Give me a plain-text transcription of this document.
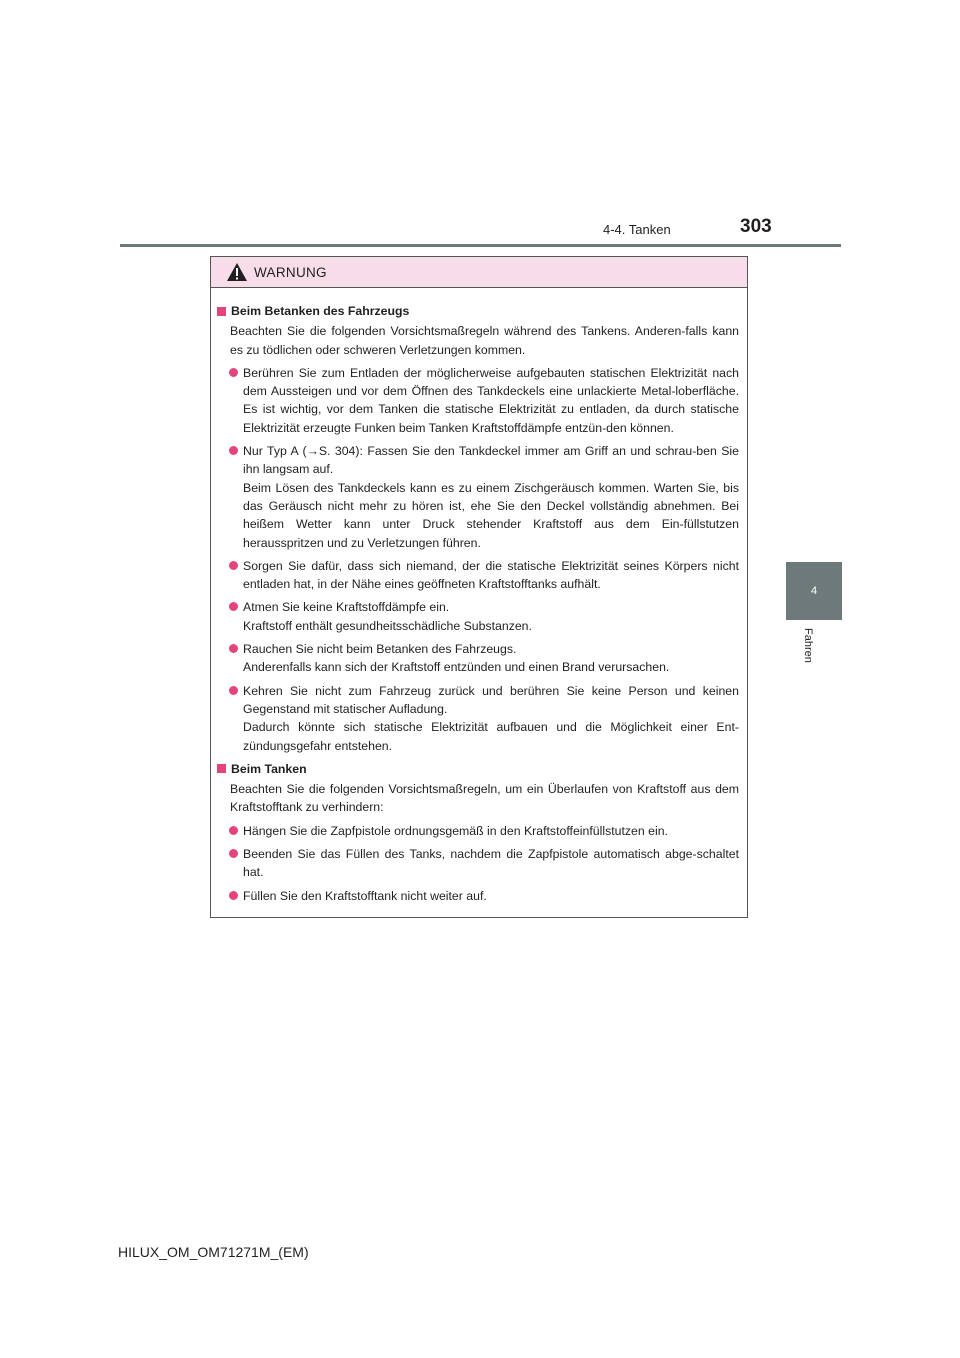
4-4. Tanken	303
4
Fahren
WARNUNG
Beim Betanken des Fahrzeugs
Beachten Sie die folgenden Vorsichtsmaßregeln während des Tankens. Anderen-falls kann es zu tödlichen oder schweren Verletzungen kommen.

Berühren Sie zum Entladen der möglicherweise aufgebauten statischen Elektrizität nach dem Aussteigen und vor dem Öffnen des Tankdeckels eine unlackierte Metal-loberfläche. Es ist wichtig, vor dem Tanken die statische Elektrizität zu entladen, da durch statische Elektrizität erzeugte Funken beim Tanken Kraftstoffdämpfe entzün-den können.

Nur Typ A (→S. 304): Fassen Sie den Tankdeckel immer am Griff an und schrau-ben Sie ihn langsam auf.

Beim Lösen des Tankdeckels kann es zu einem Zischgeräusch kommen. Warten Sie, bis das Geräusch nicht mehr zu hören ist, ehe Sie den Deckel vollständig abnehmen. Bei heißem Wetter kann unter Druck stehender Kraftstoff aus dem Ein-füllstutzen herausspritzen und zu Verletzungen führen.

Sorgen Sie dafür, dass sich niemand, der die statische Elektrizität seines Körpers nicht entladen hat, in der Nähe eines geöffneten Kraftstofftanks aufhält.

Atmen Sie keine Kraftstoffdämpfe ein.

Kraftstoff enthält gesundheitsschädliche Substanzen.

Rauchen Sie nicht beim Betanken des Fahrzeugs.

Anderenfalls kann sich der Kraftstoff entzünden und einen Brand verursachen.

Kehren Sie nicht zum Fahrzeug zurück und berühren Sie keine Person und keinen Gegenstand mit statischer Aufladung.

Dadurch könnte sich statische Elektrizität aufbauen und die Möglichkeit einer Ent-zündungsgefahr entstehen.

Beim Tanken
Beachten Sie die folgenden Vorsichtsmaßregeln, um ein Überlaufen von Kraftstoff aus dem Kraftstofftank zu verhindern:

Hängen Sie die Zapfpistole ordnungsgemäß in den Kraftstoffeinfüllstutzen ein.

Beenden Sie das Füllen des Tanks, nachdem die Zapfpistole automatisch abge-schaltet hat.

Füllen Sie den Kraftstofftank nicht weiter auf.

HILUX_OM_OM71271M_(EM)
